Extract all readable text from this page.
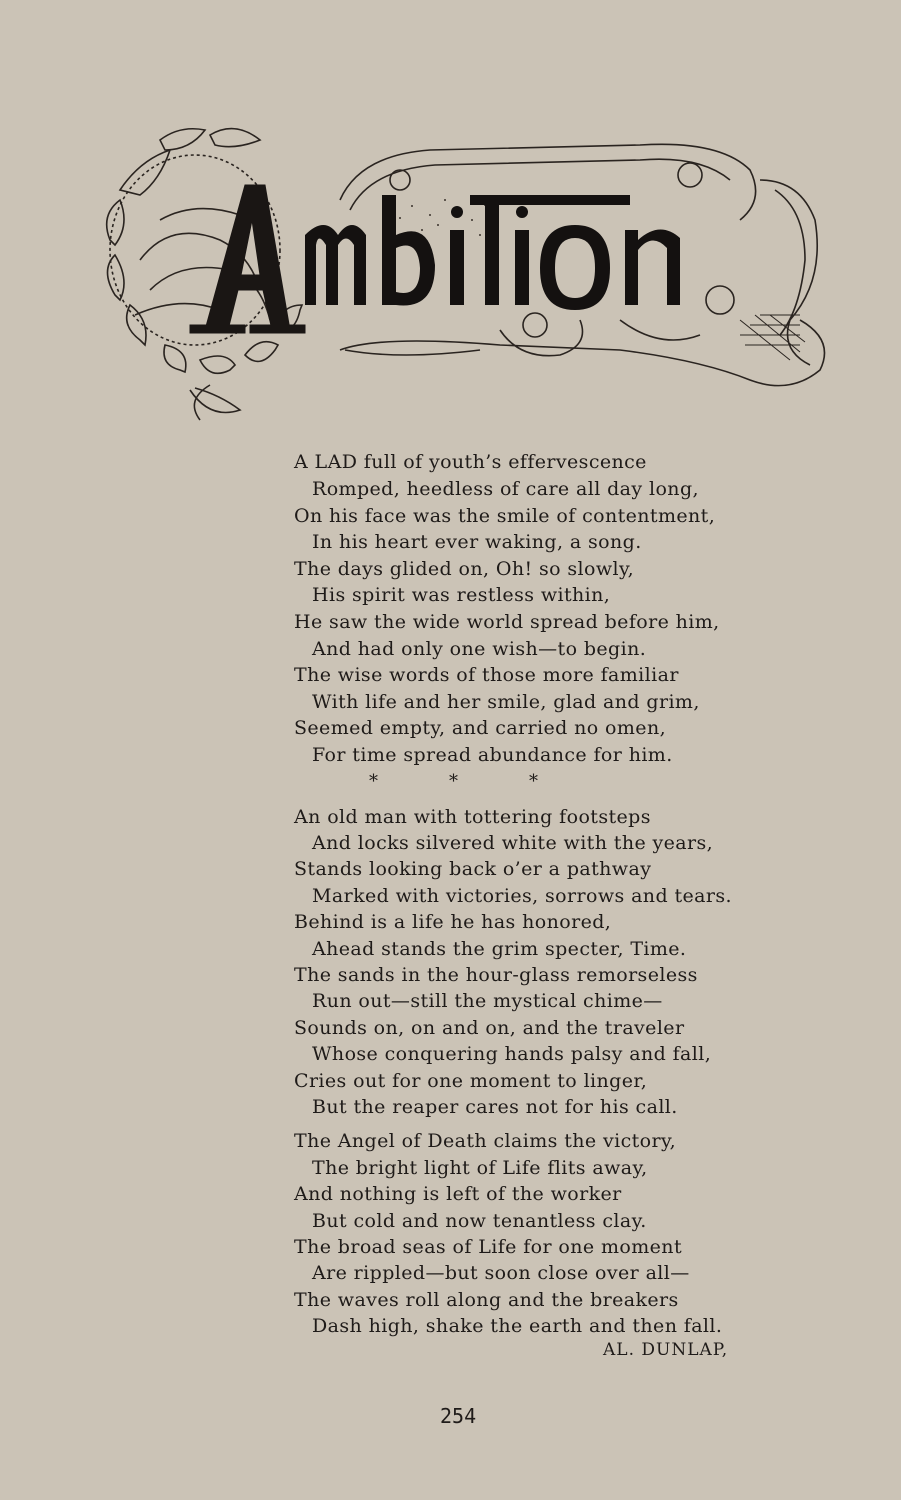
A LAD full of youth’s effervescence
Romped, heedless of care all day long,
On his face was the smile of contentment,
In his heart ever waking, a song.
The days glided on, Oh! so slowly,
His spirit was restless within,
He saw the wide world spread before him,
And had only one wish—to begin.
The wise words of those more familiar
With life and her smile, glad and grim,
Seemed empty, and carried no omen,
For time spread abundance for him.
*	*	*
An old man with tottering footsteps
And locks silvered white with the years,
Stands looking back o’er a pathway
Marked with victories, sorrows and tears.
Behind is a life he has honored,
Ahead stands the grim specter, Time.
The sands in the hour-glass remorseless
Run out—still the mystical chime—
Sounds on, on and on, and the traveler
Whose conquering hands palsy and fall,
Cries out for one moment to linger,
But the reaper cares not for his call.
The Angel of Death claims the victory,
The bright light of Life flits away,
And nothing is left of the worker
But cold and now tenantless clay.
The broad seas of Life for one moment
Are rippled—but soon close over all—
The waves roll along and the breakers
Dash high, shake the earth and then fall.
AL. DUNLAP,
254
